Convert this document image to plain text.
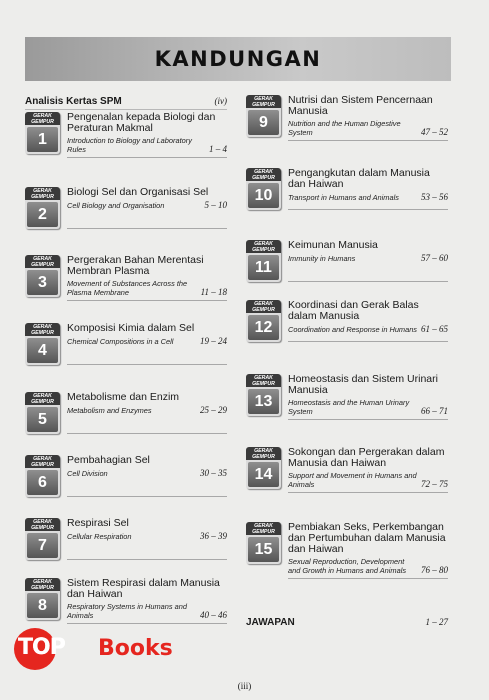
KANDUNGAN
Analisis Kertas SPM	(iv)
GERAK GEMPUR
1
Pengenalan kepada Biologi dan Peraturan Makmal
Introduction to Biology and Laboratory Rules	1 – 4
GERAK GEMPUR
2
Biologi Sel dan Organisasi Sel
Cell Biology and Organisation	5 – 10
GERAK GEMPUR
3
Pergerakan Bahan Merentasi Membran Plasma
Movement of Substances Across the Plasma Membrane	11 – 18
GERAK GEMPUR
4
Komposisi Kimia dalam Sel
Chemical Compositions in a Cell	19 – 24
GERAK GEMPUR
5
Metabolisme dan Enzim
Metabolism and Enzymes	25 – 29
GERAK GEMPUR
6
Pembahagian Sel
Cell Division	30 – 35
GERAK GEMPUR
7
Respirasi Sel
Cellular Respiration	36 – 39
GERAK GEMPUR
8
Sistem Respirasi dalam Manusia dan Haiwan
Respiratory Systems in Humans and Animals	40 – 46
GERAK GEMPUR
9
Nutrisi dan Sistem Pencernaan Manusia
Nutrition and the Human Digestive System	47 – 52
GERAK GEMPUR
10
Pengangkutan dalam Manusia dan Haiwan
Transport in Humans and Animals 53 – 56
GERAK GEMPUR
11
Keimunan Manusia
Immunity in Humans	57 – 60
GERAK GEMPUR
12
Koordinasi dan Gerak Balas dalam Manusia
Coordination and Response in Humans 61 – 65
GERAK GEMPUR
13
Homeostasis dan Sistem Urinari Manusia
Homeostasis and the Human Urinary System	66 – 71
GERAK GEMPUR
14
Sokongan dan Pergerakan dalam Manusia dan Haiwan
Support and Movement in Humans and Animals	72 – 75
GERAK GEMPUR
15
Pembiakan Seks, Perkembangan dan Pertumbuhan dalam Manusia dan Haiwan
Sexual Reproduction, Development and Growth in Humans and Animals	76 – 80
JAWAPAN	1 – 27
TOP Books
(iii)
